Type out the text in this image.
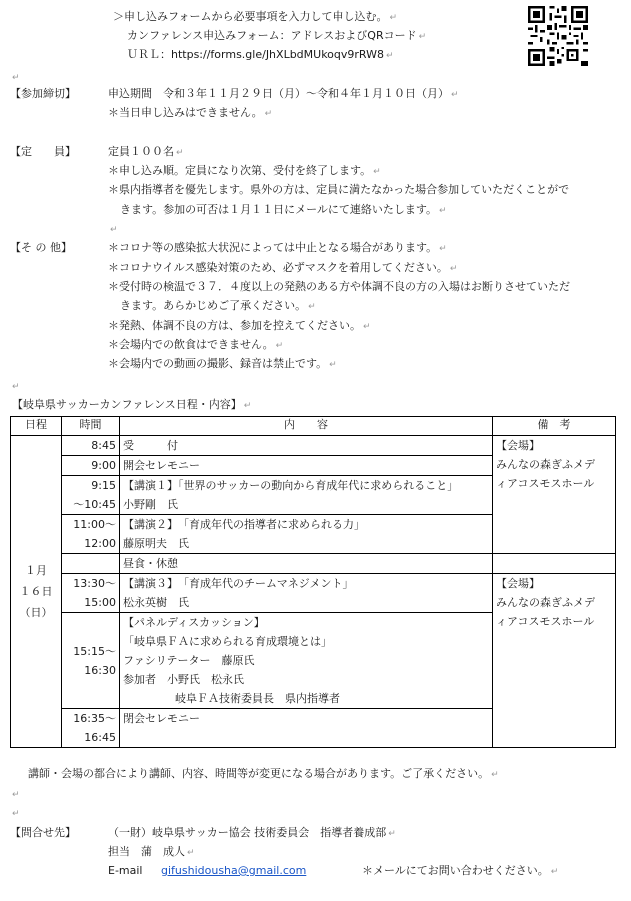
＞申し込みフォームから必要事項を入力して申し込む。 ↵
カンファレンス申込みフォーム：アドレスおよびQRコード ↵
ＵＲＬ：https://forms.gle/JhXLbdMUkoqv9rRW8 ↵
↵
【参加締切】	申込期間　令和３年１１月２９日（月）～令和４年１月１０日（月） ↵
＊当日申し込みはできません。 ↵
【定　　員】	定員１００名 ↵
＊申し込み順。定員になり次第、受付を終了します。 ↵
＊県内指導者を優先します。県外の方は、定員に満たなかった場合参加していただくことがで
きます。参加の可否は１月１１日にメールにて連絡いたします。 ↵
↵
【そ の 他】	＊コロナ等の感染拡大状況によっては中止となる場合があります。 ↵
＊コロナウイルス感染対策のため、必ずマスクを着用してください。 ↵
＊受付時の検温で３７．４度以上の発熱のある方や体調不良の方の入場はお断りさせていただ
きます。あらかじめご了承ください。 ↵
＊発熱、体調不良の方は、参加を控えてください。 ↵
＊会場内での飲食はできません。 ↵
＊会場内での動画の撮影、録音は禁止です。 ↵
↵
【岐阜県サッカーカンファレンス日程・内容】 ↵
日程	時間	内　　容	備　考
１月
１６日
（日）	8:45	受　　　付	【会場】
みんなの森ぎふメデ
ィアコスモスホール
	9:00	開会セレモニー	
	9:15
～10:45	【講演１】「世界のサッカーの動向から育成年代に求められること」
小野剛　氏	
	11:00～
12:00	【講演２】　「育成年代の指導者に求められる力」
藤原明夫　氏	
		昼食・休憩	
	13:30～
15:00	【講演３】　「育成年代のチームマネジメント」
松永英樹　氏	【会場】
みんなの森ぎふメデ
ィアコスモスホール
	15:15～
16:30	【パネルディスカッション】
「岐阜県ＦＡに求められる育成環境とは」
ファシリテーター　藤原氏
参加者　小野氏　松永氏
岐阜ＦＡ技術委員長　県内指導者	
	16:35～
16:45	閉会セレモニー	
講師・会場の都合により講師、内容、時間等が変更になる場合があります。ご了承ください。 ↵
↵
↵
【問合せ先】	（一財）岐阜県サッカー協会 技術委員会　指導者養成部 ↵
担当　蒲　成人 ↵
E-mail gifushidousha@gmail.com	＊メールにてお問い合わせください。 ↵
